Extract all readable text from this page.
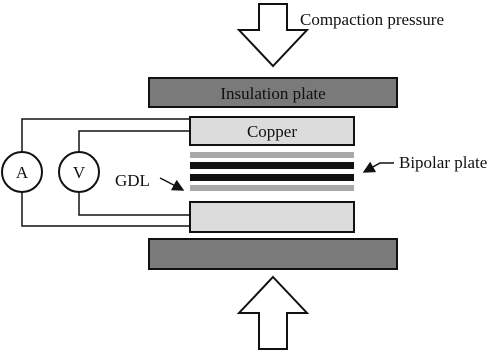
Compaction pressure
Insulation plate
Copper
A	V GDL
Bipolar plate
